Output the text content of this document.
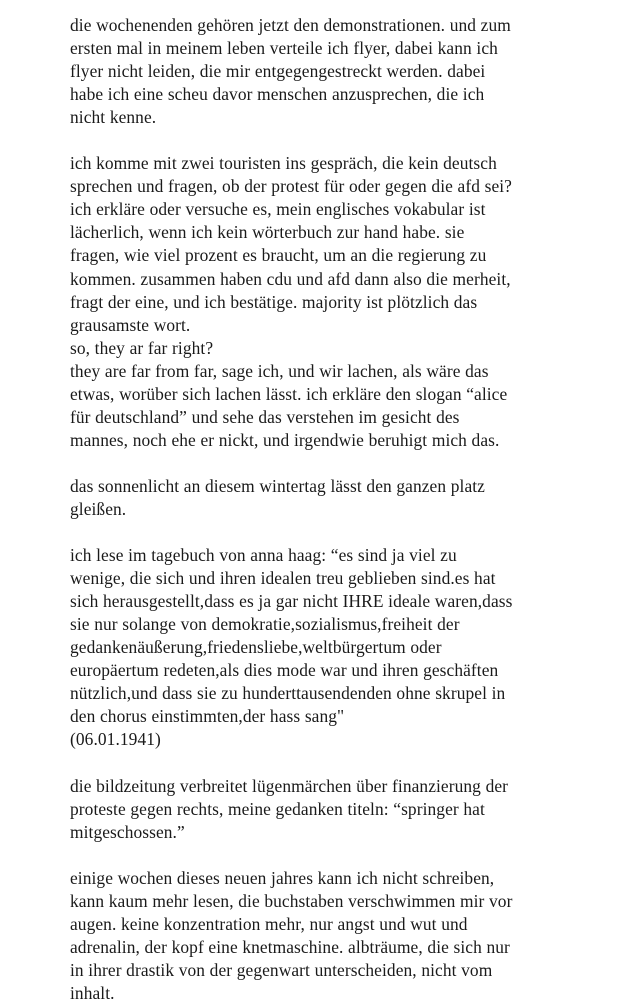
die wochenenden gehören jetzt den demonstrationen. und zum
ersten mal in meinem leben verteile ich flyer, dabei kann ich
flyer nicht leiden, die mir entgegengestreckt werden. dabei
habe ich eine scheu davor menschen anzusprechen, die ich
nicht kenne.

ich komme mit zwei touristen ins gespräch, die kein deutsch
sprechen und fragen, ob der protest für oder gegen die afd sei?
ich erkläre oder versuche es, mein englisches vokabular ist
lächerlich, wenn ich kein wörterbuch zur hand habe. sie
fragen, wie viel prozent es braucht, um an die regierung zu
kommen. zusammen haben cdu und afd dann also die merheit,
fragt der eine, und ich bestätige. majority ist plötzlich das
grausamste wort.
so, they ar far right?
they are far from far, sage ich, und wir lachen, als wäre das
etwas, worüber sich lachen lässt. ich erkläre den slogan “alice
für deutschland” und sehe das verstehen im gesicht des
mannes, noch ehe er nickt, und irgendwie beruhigt mich das.

das sonnenlicht an diesem wintertag lässt den ganzen platz
gleißen.

ich lese im tagebuch von anna haag: “es sind ja viel zu
wenige, die sich und ihren idealen treu geblieben sind.es hat
sich herausgestellt,dass es ja gar nicht IHRE ideale waren,dass
sie nur solange von demokratie,sozialismus,freiheit der
gedankenäußerung,friedensliebe,weltbürgertum oder
europäertum redeten,als dies mode war und ihren geschäften
nützlich,und dass sie zu hunderttausendenden ohne skrupel in
den chorus einstimmten,der hass sang"
(06.01.1941)

die bildzeitung verbreitet lügenmärchen über finanzierung der
proteste gegen rechts, meine gedanken titeln: “springer hat
mitgeschossen.”

einige wochen dieses neuen jahres kann ich nicht schreiben,
kann kaum mehr lesen, die buchstaben verschwimmen mir vor
augen. keine konzentration mehr, nur angst und wut und
adrenalin, der kopf eine knetmaschine. albträume, die sich nur
in ihrer drastik von der gegenwart unterscheiden, nicht vom
inhalt.
